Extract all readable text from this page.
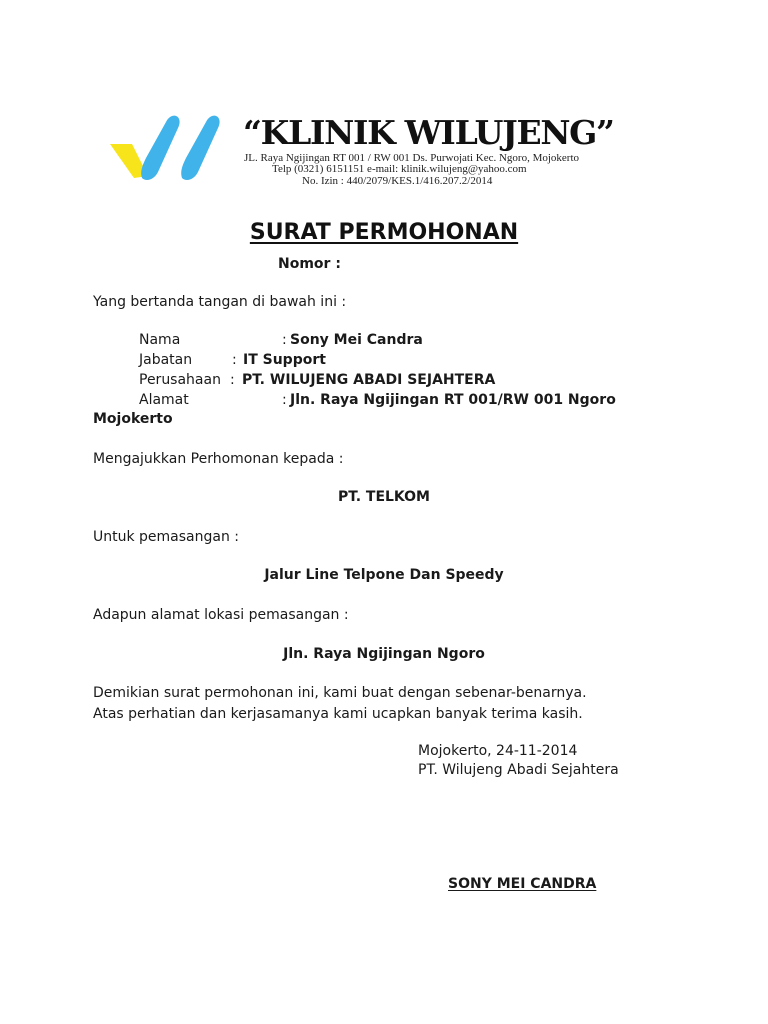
“KLINIK WILUJENG”
JL. Raya Ngijingan RT 001 / RW 001 Ds. Purwojati Kec. Ngoro, Mojokerto
Telp (0321) 6151151 e-mail: klinik.wilujeng@yahoo.com
No. Izin : 440/2079/KES.1/416.207.2/2014
SURAT PERMOHONAN
Nomor :
Yang bertanda tangan di bawah ini :
Nama	: Sony Mei Candra
Jabatan	: IT Support
Perusahaan : PT. WILUJENG ABADI SEJAHTERA
Alamat	: Jln. Raya Ngijingan RT 001/RW 001 Ngoro
Mojokerto
Mengajukkan Perhomonan kepada :
PT. TELKOM
Untuk pemasangan :
Jalur Line Telpone Dan Speedy
Adapun alamat lokasi pemasangan :
Jln. Raya Ngijingan Ngoro
Demikian surat permohonan ini, kami buat dengan sebenar-benarnya.
Atas perhatian dan kerjasamanya kami ucapkan banyak terima kasih.
Mojokerto, 24-11-2014
PT. Wilujeng Abadi Sejahtera
SONY MEI CANDRA
